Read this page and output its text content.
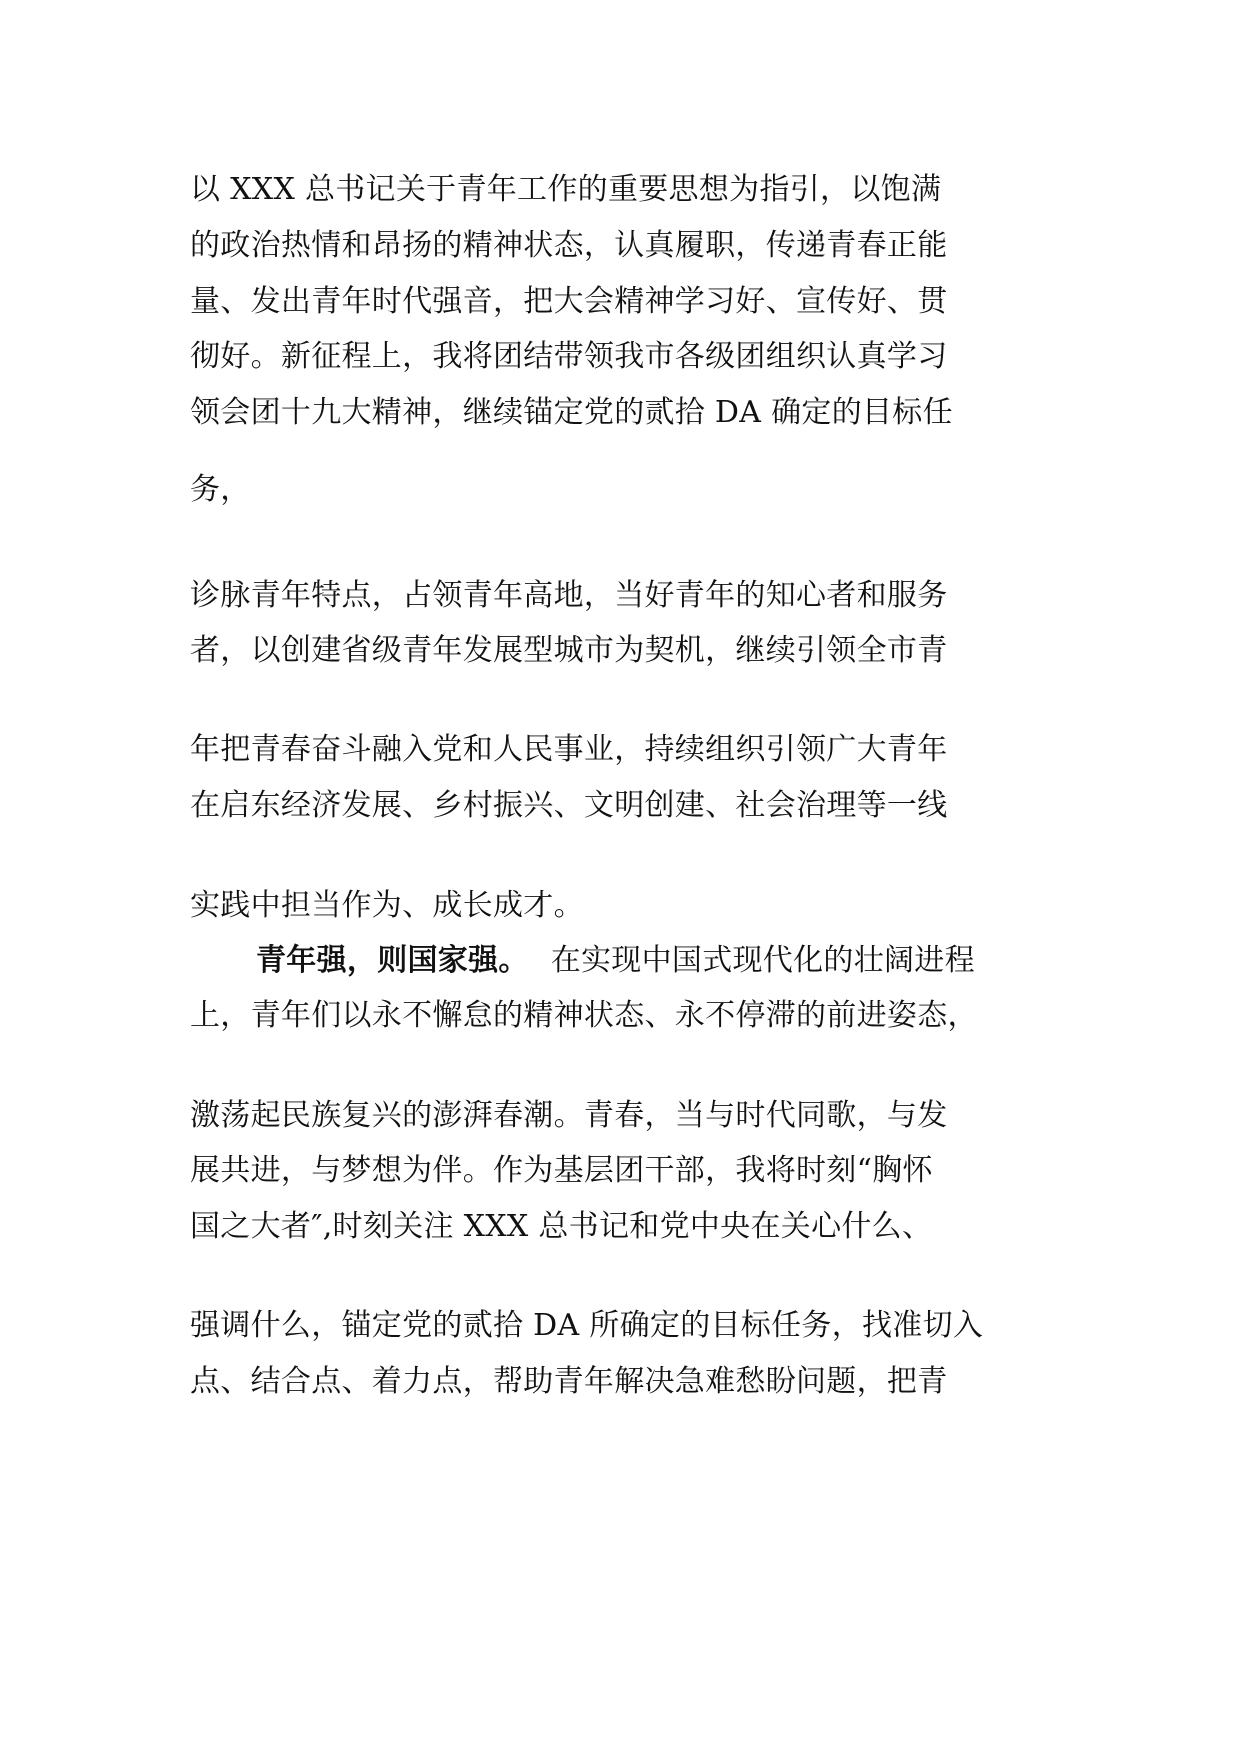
以 XXX 总书记关于青年工作的重要思想为指引，以饱满
的政治热情和昂扬的精神状态，认真履职，传递青春正能
量、发出青年时代强音，把大会精神学习好、宣传好、贯
彻好。新征程上，我将团结带领我市各级团组织认真学习
领会团十九大精神，继续锚定党的贰拾 DA 确定的目标任
务，
诊脉青年特点，占领青年高地，当好青年的知心者和服务
者，以创建省级青年发展型城市为契机，继续引领全市青
年把青春奋斗融入党和人民事业，持续组织引领广大青年
在启东经济发展、乡村振兴、文明创建、社会治理等一线
实践中担当作为、成长成才。
青年强，则国家强。 在实现中国式现代化的壮阔进程
上，青年们以永不懈怠的精神状态、永不停滞的前进姿态，
激荡起民族复兴的澎湃春潮。青春，当与时代同歌，与发
展共进，与梦想为伴。作为基层团干部，我将时刻“胸怀
国之大者″,时刻关注 XXX 总书记和党中央在关心什么、
强调什么，锚定党的贰拾 DA 所确定的目标任务，找准切入
点、结合点、着力点，帮助青年解决急难愁盼问题，把青
